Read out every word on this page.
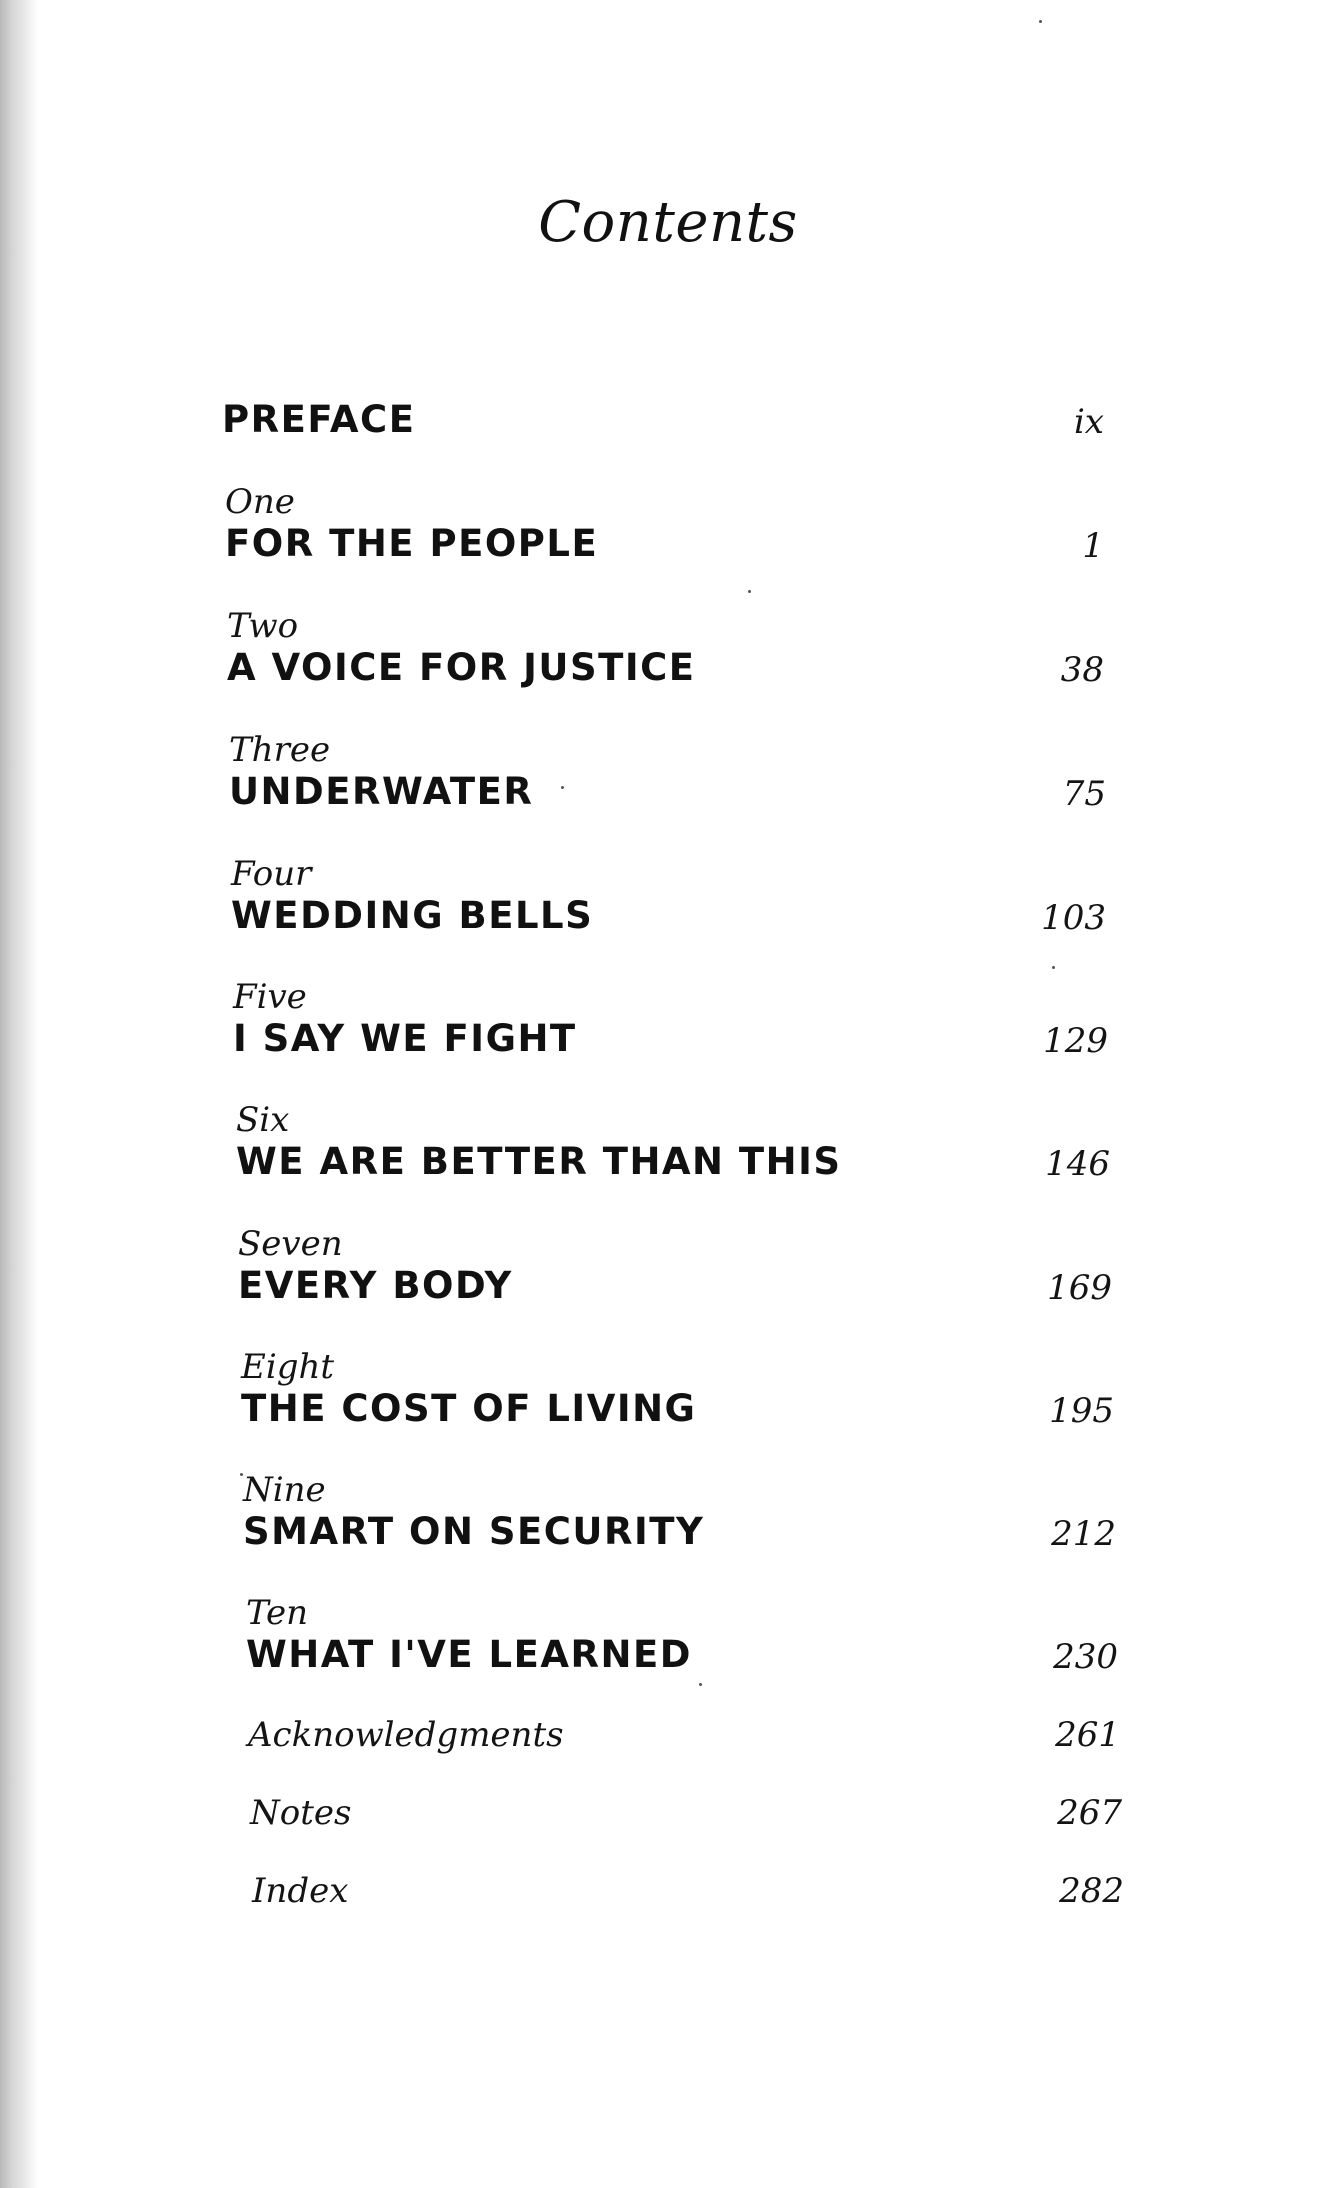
Contents
PREFACE	ix
One
FOR THE PEOPLE	1
Two
A VOICE FOR JUSTICE	38
Three
UNDERWATER	75
Four
WEDDING BELLS	103
Five
I SAY WE FIGHT	129
Six
WE ARE BETTER THAN THIS	146
Seven
EVERY BODY	169
Eight
THE COST OF LIVING	195
Nine
SMART ON SECURITY	212
Ten
WHAT I'VE LEARNED	230
Acknowledgments	261
Notes	267
Index	282
